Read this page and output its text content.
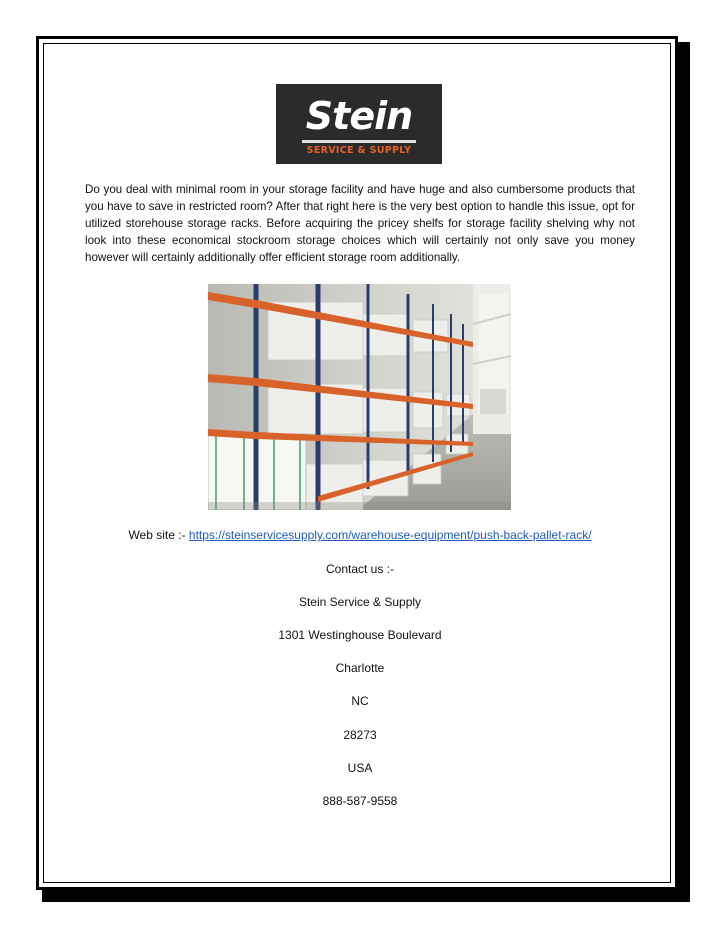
Stein
SERVICE & SUPPLY

Do you deal with minimal room in your storage facility and have huge and also cumbersome products that you have to save in restricted room? After that right here is the very best option to handle this issue, opt for utilized storehouse storage racks. Before acquiring the pricey shelfs for storage facility shelving why not look into these economical stockroom storage choices which will certainly not only save you money however will certainly additionally offer efficient storage room additionally.

Web site :- https://steinservicesupply.com/warehouse-equipment/push-back-pallet-rack/
Contact us :-
Stein Service & Supply
1301 Westinghouse Boulevard
Charlotte
NC
28273
USA
888-587-9558
